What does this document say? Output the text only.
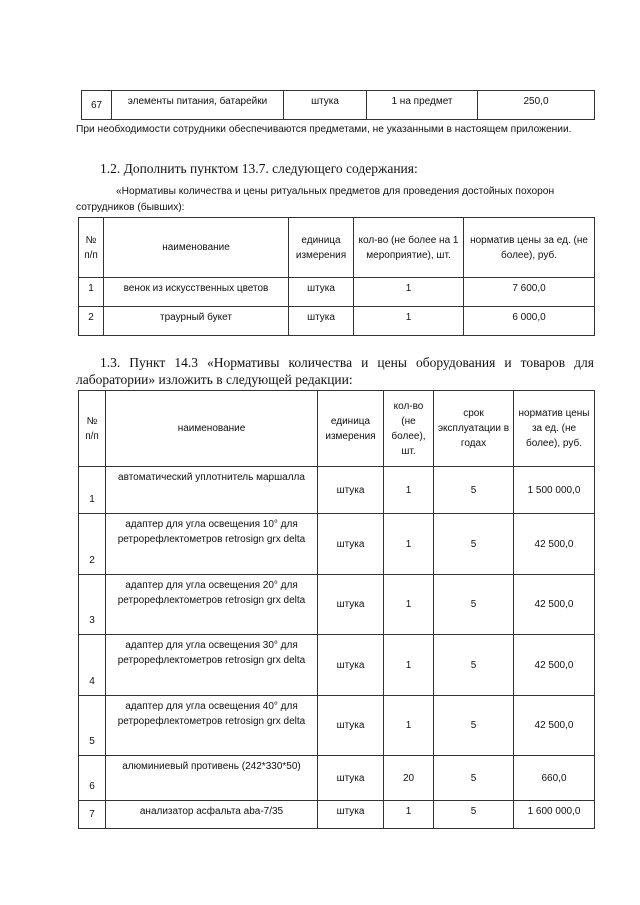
67	элементы питания, батарейки	штука	1 на предмет	250,0
При необходимости сотрудники обеспечиваются предметами, не указанными в настоящем приложении.
1.2. Дополнить пунктом 13.7. следующего содержания:
«Нормативы количества и цены ритуальных предметов для проведения достойных похорон
сотрудников (бывших):
№ п/п	наименование	единица измерения	кол-во (не более на 1 мероприятие), шт.	норматив цены за ед. (не более), руб.
1	венок из искусственных цветов	штука	1	7 600,0
2	траурный букет	штука	1	6 000,0
1.3. Пункт 14.3 «Нормативы количества и цены оборудования и товаров для
лаборатории» изложить в следующей редакции:
№ п/п	наименование	единица измерения	кол-во (не более), шт.	срок эксплуатации в годах	норматив цены за ед. (не более), руб.
1	автоматический уплотнитель маршалла	штука	1	5	1 500 000,0
2	адаптер для угла освещения 10° для ретрорефлектометров retrosign grx delta	штука	1	5	42 500,0
3	адаптер для угла освещения 20° для ретрорефлектометров retrosign grx delta	штука	1	5	42 500,0
4	адаптер для угла освещения 30° для ретрорефлектометров retrosign grx delta	штука	1	5	42 500,0
5	адаптер для угла освещения 40° для ретрорефлектометров retrosign grx delta	штука	1	5	42 500,0
6	алюминиевый противень (242*330*50)	штука	20	5	660,0
7	анализатор асфальта aba-7/35	штука	1	5	1 600 000,0
